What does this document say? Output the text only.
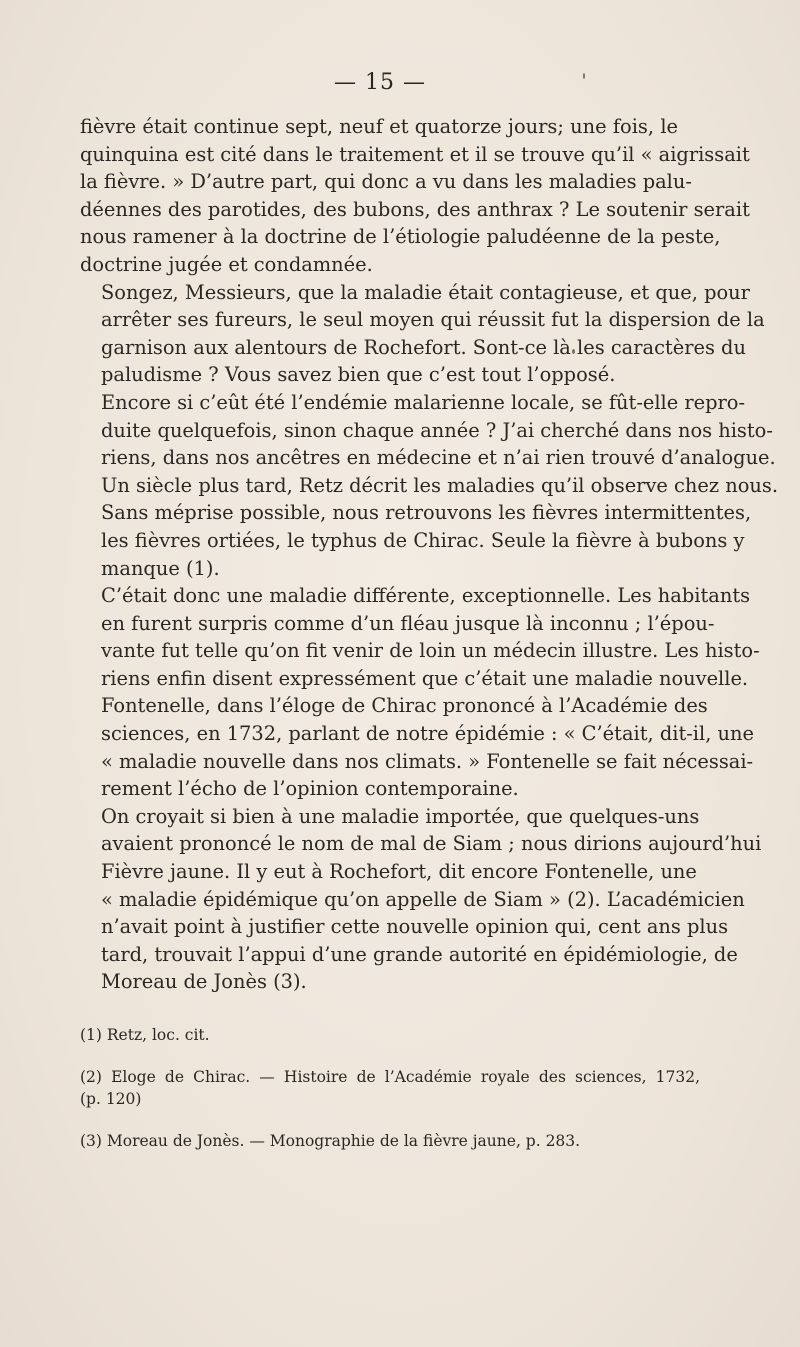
— 15 —

fièvre était continue sept, neuf et quatorze jours; une fois, le
quinquina est cité dans le traitement et il se trouve qu’il « aigrissait
la fièvre. » D’autre part, qui donc a vu dans les maladies palu-
déennes des parotides, des bubons, des anthrax ? Le soutenir serait
nous ramener à la doctrine de l’étiologie paludéenne de la peste,
doctrine jugée et condamnée.

Songez, Messieurs, que la maladie était contagieuse, et que, pour
arrêter ses fureurs, le seul moyen qui réussit fut la dispersion de la
garnison aux alentours de Rochefort. Sont-ce là les caractères du
paludisme ? Vous savez bien que c’est tout l’opposé.

Encore si c’eût été l’endémie malarienne locale, se fût-elle repro-
duite quelquefois, sinon chaque année ? J’ai cherché dans nos histo-
riens, dans nos ancêtres en médecine et n’ai rien trouvé d’analogue.
Un siècle plus tard, Retz décrit les maladies qu’il observe chez nous.
Sans méprise possible, nous retrouvons les fièvres intermittentes,
les fièvres ortiées, le typhus de Chirac. Seule la fièvre à bubons y
manque (1).

C’était donc une maladie différente, exceptionnelle. Les habitants
en furent surpris comme d’un fléau jusque là inconnu ; l’épou-
vante fut telle qu’on fit venir de loin un médecin illustre. Les histo-
riens enfin disent expressément que c’était une maladie nouvelle.

Fontenelle, dans l’éloge de Chirac prononcé à l’Académie des
sciences, en 1732, parlant de notre épidémie : « C’était, dit-il, une
« maladie nouvelle dans nos climats. » Fontenelle se fait nécessai-
rement l’écho de l’opinion contemporaine.

On croyait si bien à une maladie importée, que quelques-uns
avaient prononcé le nom de mal de Siam ; nous dirions aujourd’hui
Fièvre jaune. Il y eut à Rochefort, dit encore Fontenelle, une
« maladie épidémique qu’on appelle de Siam » (2). L’académicien
n’avait point à justifier cette nouvelle opinion qui, cent ans plus
tard, trouvait l’appui d’une grande autorité en épidémiologie, de
Moreau de Jonès (3).

(1) Retz, loc. cit.

(2) Eloge de Chirac. — Histoire de l’Académie royale des sciences, 1732,
(p. 120)

(3) Moreau de Jonès. — Monographie de la fièvre jaune, p. 283.
